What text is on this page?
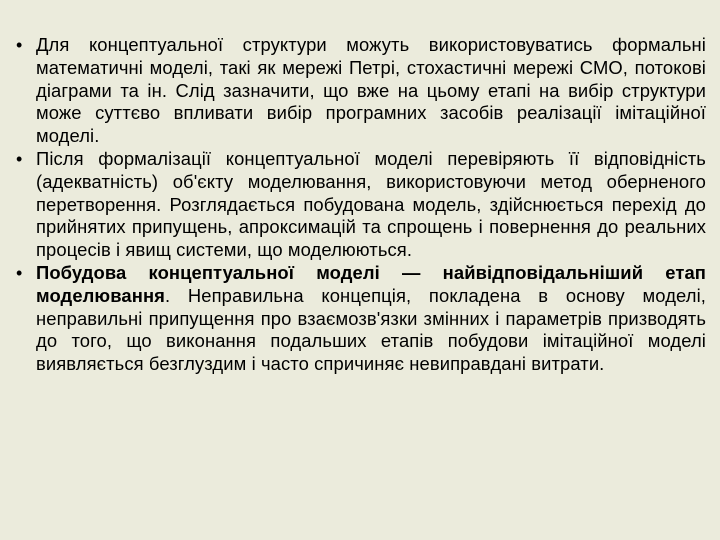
• Для концептуальної структури можуть використовуватись формальні математичні моделі, такі як мережі Петрі, стохастичні мережі СМО, потокові діаграми та ін. Слід зазначити, що вже на цьому етапі на вибір структури може суттєво впливати вибір програмних засобів реалізації імітаційної моделі.
• Після формалізації концептуальної моделі перевіряють її відповідність (адекватність) об'єкту моделювання, використовуючи метод оберненого перетворення. Розглядається побудована модель, здійснюється перехід до прийнятих припущень, апроксимацій та спрощень і повернення до реальних процесів і явищ системи, що моделюються.
• Побудова концептуальної моделі — найвідповідальніший етап моделювання. Неправильна концепція, покладена в основу моделі, неправильні припущення про взаємозв'язки змінних і параметрів призводять до того, що виконання подальших етапів побудови імітаційної моделі виявляється безглуздим і часто спричиняє невиправдані витрати.
